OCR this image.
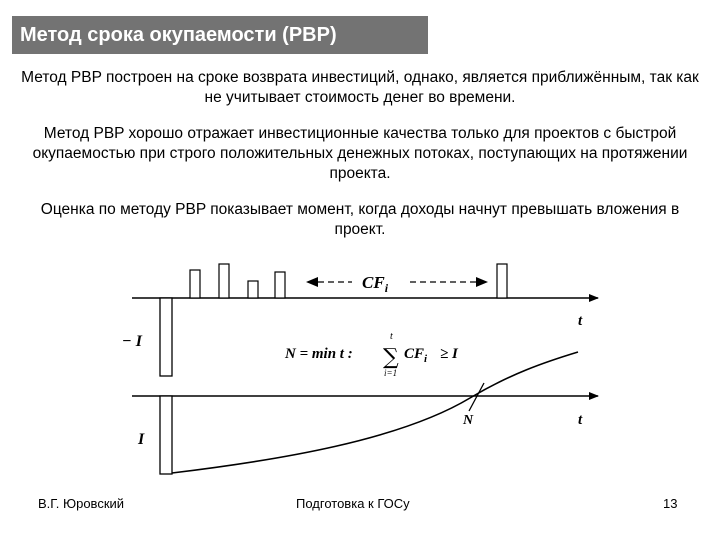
Метод срока окупаемости (PBP)
Метод PBP построен на сроке возврата инвестиций, однако, является приближённым, так как не учитывает стоимость денег во времени.
Метод PBP хорошо отражает инвестиционные качества только для проектов с быстрой окупаемостью при строго положительных денежных потоках, поступающих на протяжении проекта.
Оценка по методу PBP показывает момент, когда доходы начнут превышать вложения в проект.
t
− I
$CF_i$
N = min t :
t
∑
i=1
$CF_i \ge I$
t
I
N
В.Г. Юровский	Подготовка к ГОСу	13
